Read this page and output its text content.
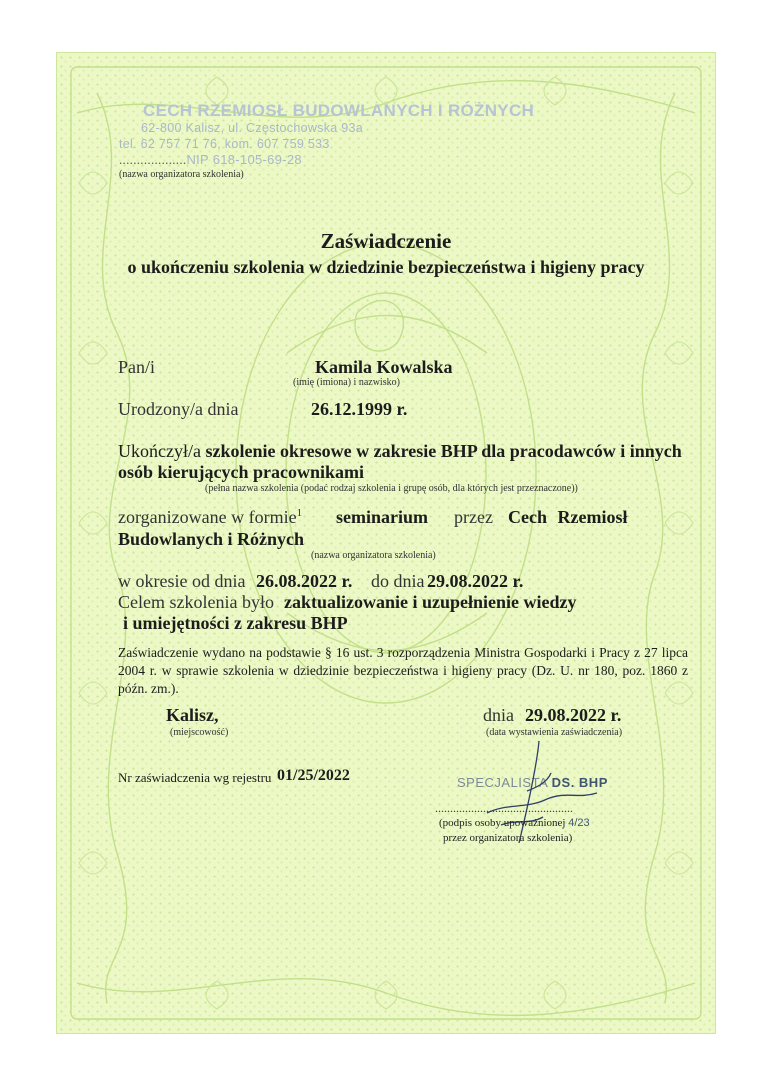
CECH RZEMIOSŁ BUDOWLANYCH I RÓŻNYCH
62-800 Kalisz, ul. Częstochowska 93a
tel. 62 757 71 76, kom. 607 759 533
...................NIP 618-105-69-28
(nazwa organizatora szkolenia)
Zaświadczenie
o ukończeniu szkolenia w dziedzinie bezpieczeństwa i higieny pracy
Pan/i	Kamila Kowalska
(imię (imiona) i nazwisko)
Urodzony/a dnia	26.12.1999 r.
Ukończył/a szkolenie okresowe w zakresie BHP dla pracodawców i innych osób kierujących pracownikami
(pełna nazwa szkolenia (podać rodzaj szkolenia i grupę osób, dla których jest przeznaczone))
zorganizowane w formie$^1$ seminarium przez Cech Rzemiosł
Budowlanych i Różnych
(nazwa organizatora szkolenia)
w okresie od dnia 26.08.2022 r. do dnia 29.08.2022 r.
Celem szkolenia było zaktualizowanie i uzupełnienie wiedzy
i umiejętności z zakresu BHP
Zaświadczenie wydano na podstawie § 16 ust. 3 rozporządzenia Ministra Gospodarki i Pracy z 27 lipca 2004 r. w sprawie szkolenia w dziedzinie bezpieczeństwa i higieny pracy (Dz. U. nr 180, poz. 1860 z późn. zm.).
Kalisz,
(miejscowość)
dnia 29.08.2022 r.
(data wystawienia zaświadczenia)
Nr zaświadczenia wg rejestru 01/25/2022	SPECJALISTA DS. BHP
..............................................
(podpis osoby upoważnionej 4/23
przez organizatora szkolenia)
